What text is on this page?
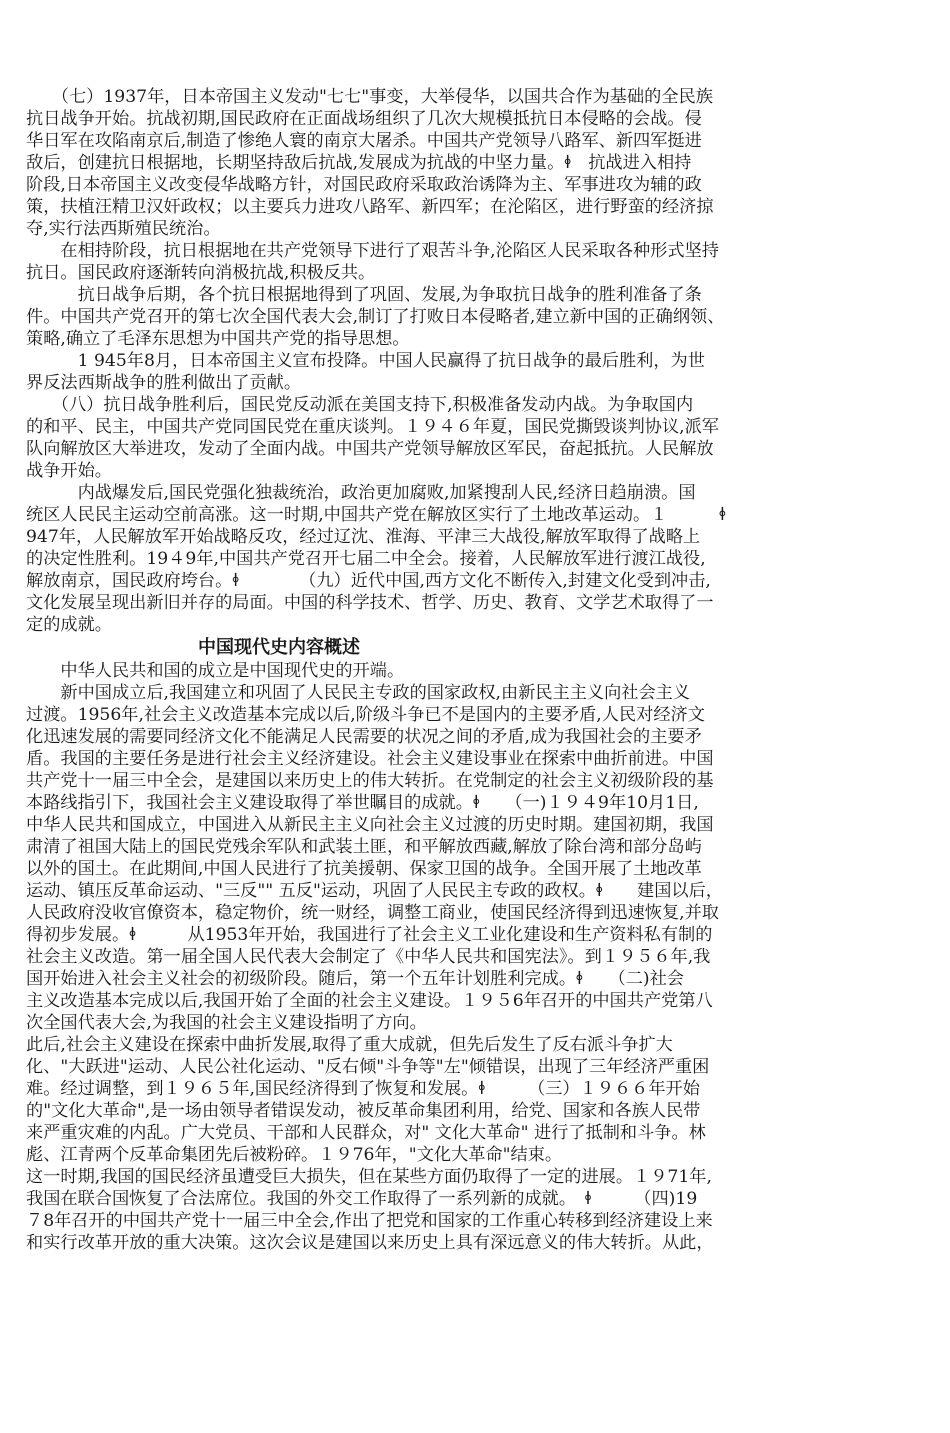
　　（七）1937年，日本帝国主义发动"七七"事变，大举侵华，以国共合作为基础的全民族
抗日战争开始。抗战初期,国民政府在正面战场组织了几次大规模抵抗日本侵略的会战。侵
华日军在攻陷南京后,制造了惨绝人寰的南京大屠杀。中国共产党领导八路军、新四军挺进
敌后，创建抗日根据地，长期坚持敌后抗战,发展成为抗战的中坚力量。ꬹ　抗战进入相持
阶段,日本帝国主义改变侵华战略方针，对国民政府采取政治诱降为主、军事进攻为辅的政
策，扶植汪精卫汉奸政权；以主要兵力进攻八路军、新四军；在沦陷区，进行野蛮的经济掠
夺,实行法西斯殖民统治。
　　在相持阶段，抗日根据地在共产党领导下进行了艰苦斗争,沦陷区人民采取各种形式坚持
抗日。国民政府逐渐转向消极抗战,积极反共。
　　　抗日战争后期，各个抗日根据地得到了巩固、发展,为争取抗日战争的胜利准备了条
件。中国共产党召开的第七次全国代表大会,制订了打败日本侵略者,建立新中国的正确纲领、
策略,确立了毛泽东思想为中国共产党的指导思想。
　　　1 945年8月，日本帝国主义宣布投降。中国人民赢得了抗日战争的最后胜利，为世
界反法西斯战争的胜利做出了贡献。
　　（八）抗日战争胜利后，国民党反动派在美国支持下,积极准备发动内战。为争取国内
的和平、民主，中国共产党同国民党在重庆谈判。１９４６年夏，国民党撕毁谈判协议,派军
队向解放区大举进攻，发动了全面内战。中国共产党领导解放区军民，奋起抵抗。人民解放
战争开始。
　　　内战爆发后,国民党强化独裁统治，政治更加腐败,加紧搜刮人民,经济日趋崩溃。国
统区人民民主运动空前高涨。这一时期,中国共产党在解放区实行了土地改革运动。１　　　ꬹ
947年，人民解放军开始战略反攻，经过辽沈、淮海、平津三大战役,解放军取得了战略上
的决定性胜利。19４9年,中国共产党召开七届二中全会。接着，人民解放军进行渡江战役,
解放南京，国民政府垮台。ꬹ　　　　（九）近代中国,西方文化不断传入,封建文化受到冲击,
文化发展呈现出新旧并存的局面。中国的科学技术、哲学、历史、教育、文学艺术取得了一
定的成就。
中国现代史内容概述
　　中华人民共和国的成立是中国现代史的开端。
　　新中国成立后,我国建立和巩固了人民民主专政的国家政权,由新民主主义向社会主义
过渡。1956年,社会主义改造基本完成以后,阶级斗争已不是国内的主要矛盾,人民对经济文
化迅速发展的需要同经济文化不能满足人民需要的状况之间的矛盾,成为我国社会的主要矛
盾。我国的主要任务是进行社会主义经济建设。社会主义建设事业在探索中曲折前进。中国
共产党十一届三中全会，是建国以来历史上的伟大转折。在党制定的社会主义初级阶段的基
本路线指引下，我国社会主义建设取得了举世瞩目的成就。ꬹ　　（一)１９４9年10月1日,
中华人民共和国成立，中国进入从新民主主义向社会主义过渡的历史时期。建国初期，我国
肃清了祖国大陆上的国民党残余军队和武装土匪，和平解放西藏,解放了除台湾和部分岛屿
以外的国土。在此期间,中国人民进行了抗美援朝、保家卫国的战争。全国开展了土地改革
运动、镇压反革命运动、"三反"" 五反"运动，巩固了人民民主专政的政权。ꬹ　　建国以后，
人民政府没收官僚资本，稳定物价，统一财经，调整工商业，使国民经济得到迅速恢复,并取
得初步发展。ꬹ　　　从1953年开始，我国进行了社会主义工业化建设和生产资料私有制的
社会主义改造。第一届全国人民代表大会制定了《中华人民共和国宪法》。到１９５６年,我
国开始进入社会主义社会的初级阶段。随后，第一个五年计划胜利完成。ꬹ　　（二)社会
主义改造基本完成以后,我国开始了全面的社会主义建设。１９５6年召开的中国共产党第八
次全国代表大会,为我国的社会主义建设指明了方向。
此后,社会主义建设在探索中曲折发展,取得了重大成就，但先后发生了反右派斗争扩大
化、"大跃进"运动、人民公社化运动、"反右倾"斗争等"左"倾错误，出现了三年经济严重困
难。经过调整，到１９６５年,国民经济得到了恢复和发展。ꬹ　　　（三）１９６６年开始
的"文化大革命",是一场由领导者错误发动，被反革命集团利用，给党、国家和各族人民带
来严重灾难的内乱。广大党员、干部和人民群众，对" 文化大革命" 进行了抵制和斗争。林
彪、江青两个反革命集团先后被粉碎。１９76年，"文化大革命"结束。
这一时期,我国的国民经济虽遭受巨大损失，但在某些方面仍取得了一定的进展。１９71年,
我国在联合国恢复了合法席位。我国的外交工作取得了一系列新的成就。　ꬹ　　　（四)19
７8年召开的中国共产党十一届三中全会,作出了把党和国家的工作重心转移到经济建设上来
和实行改革开放的重大决策。这次会议是建国以来历史上具有深远意义的伟大转折。从此，
